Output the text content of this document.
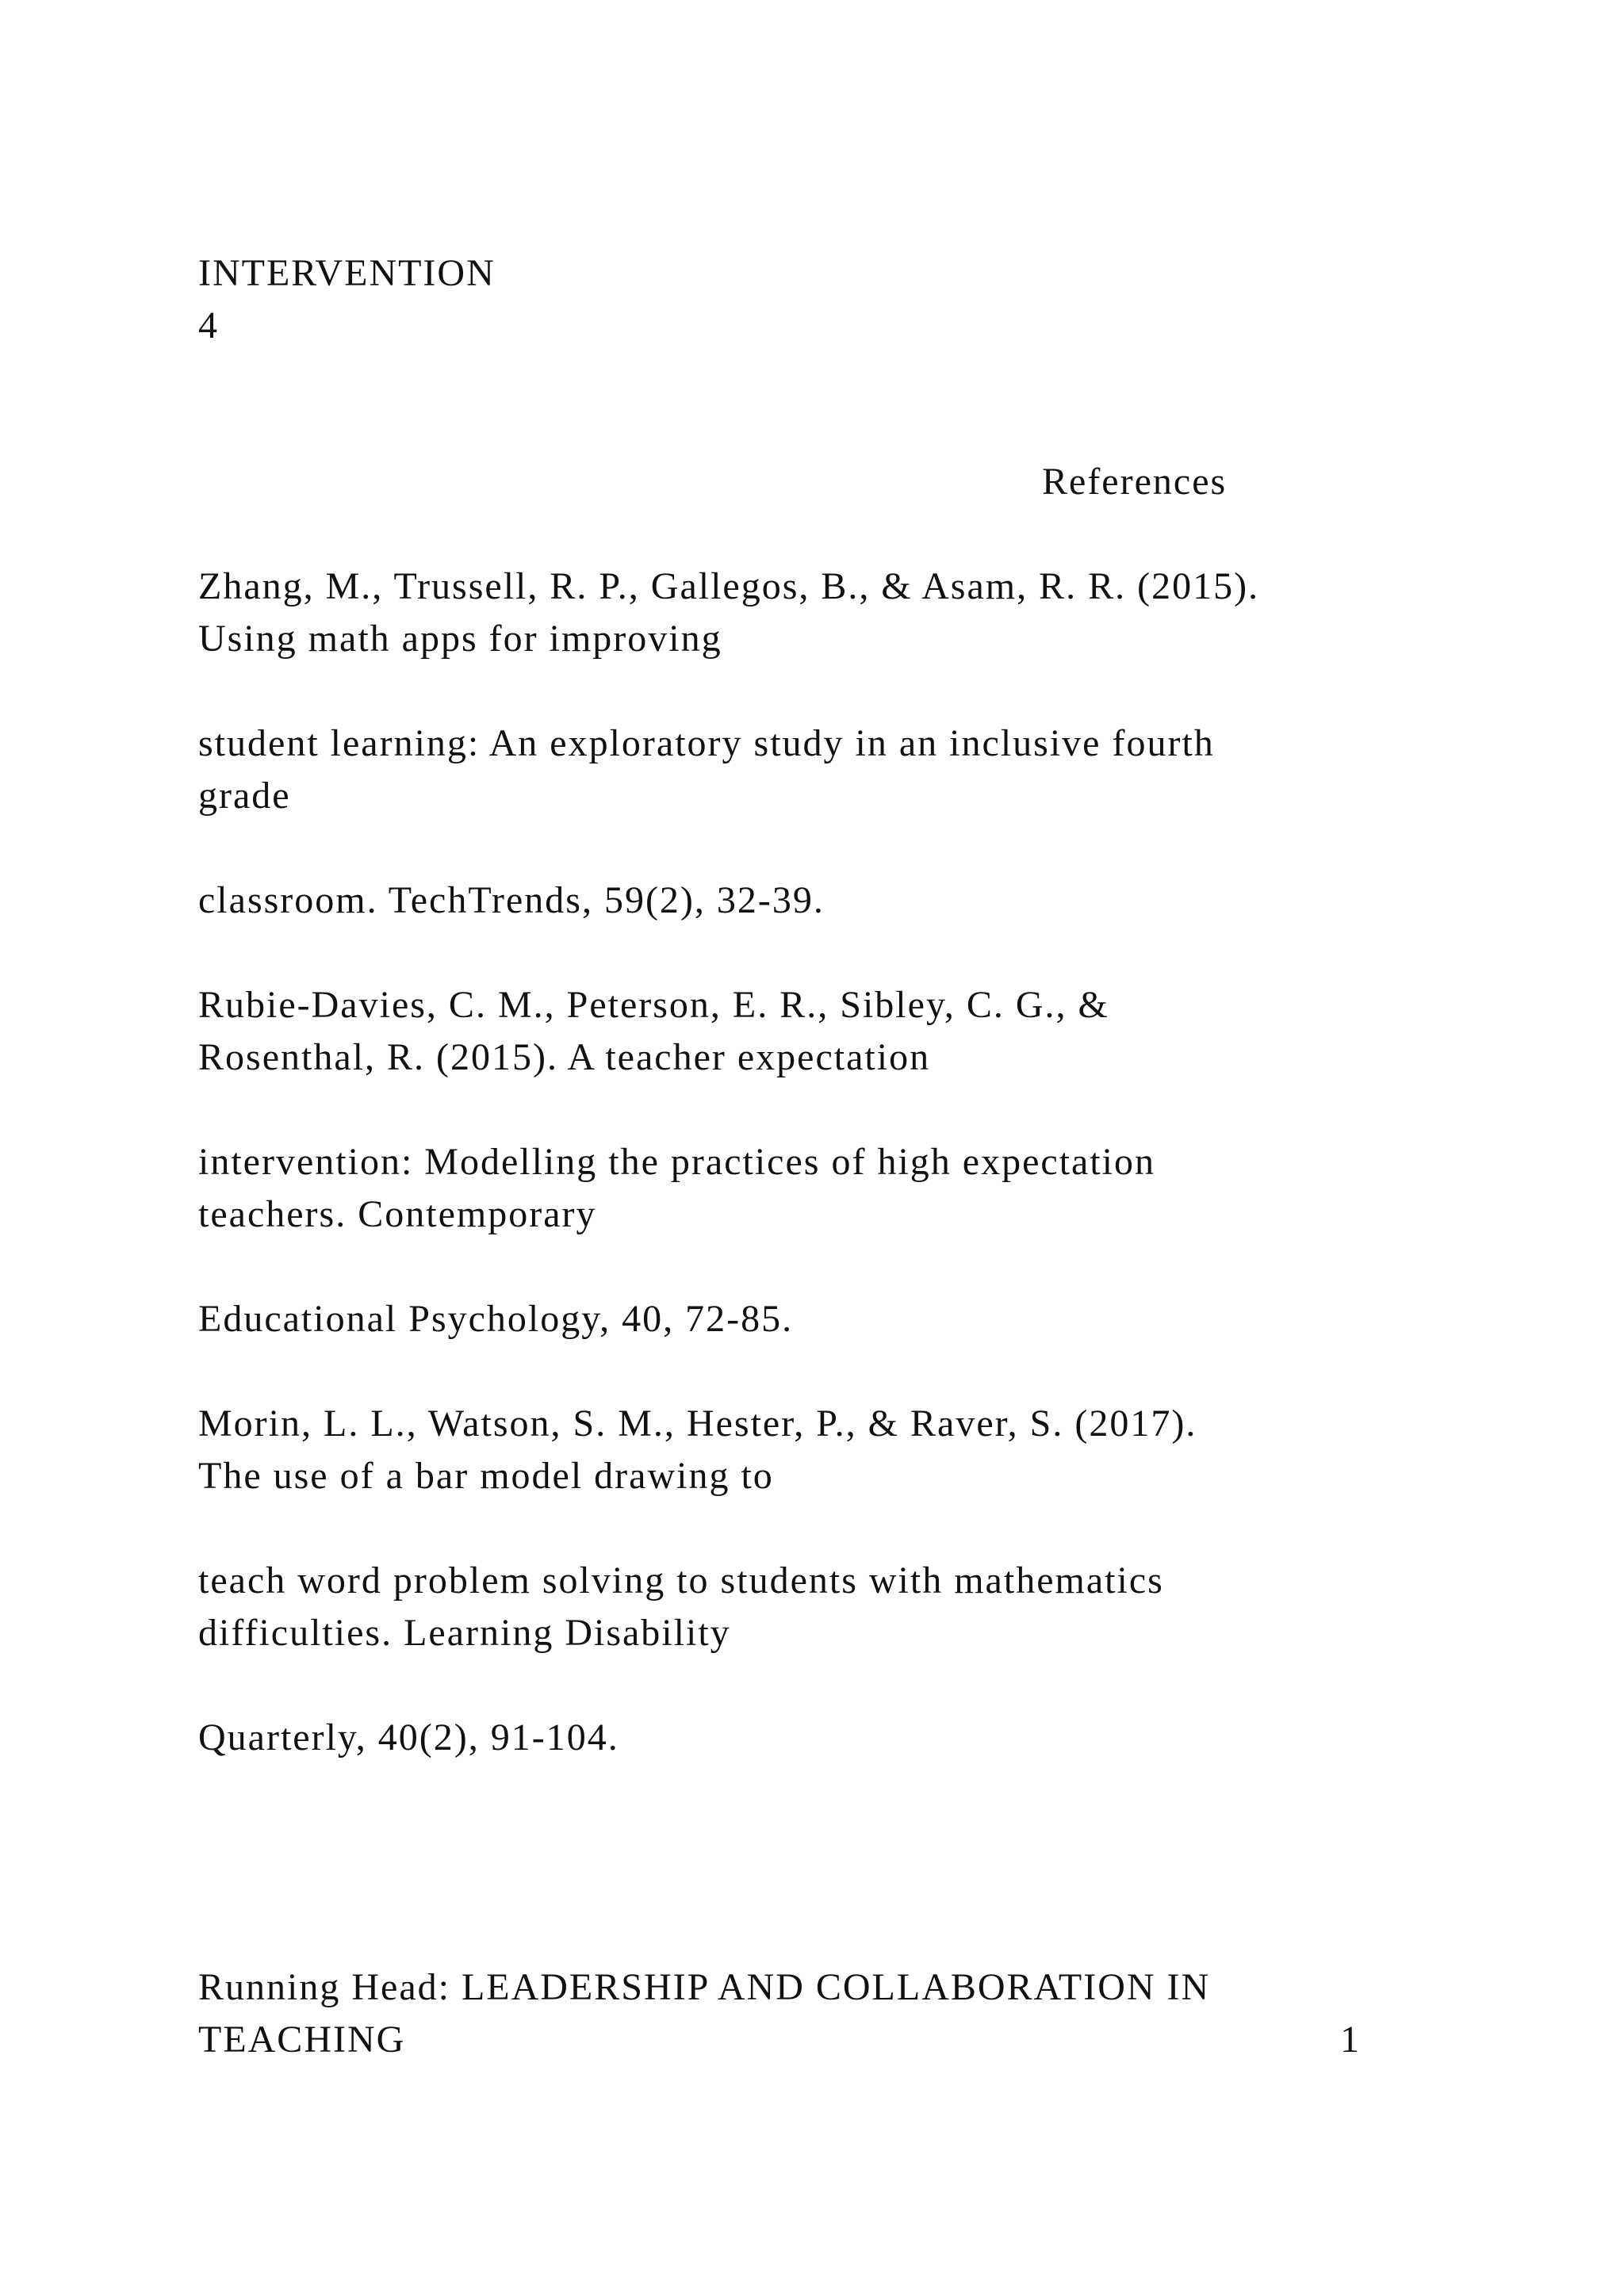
INTERVENTION

4

References

Zhang, M., Trussell, R. P., Gallegos, B., & Asam, R. R. (2015).

Using math apps for improving

student learning: An exploratory study in an inclusive fourth

grade

classroom. TechTrends, 59(2), 32-39.

Rubie-Davies, C. M., Peterson, E. R., Sibley, C. G., &

Rosenthal, R. (2015). A teacher expectation

intervention: Modelling the practices of high expectation

teachers. Contemporary

Educational Psychology, 40, 72-85.

Morin, L. L., Watson, S. M., Hester, P., & Raver, S. (2017).

The use of a bar model drawing to

teach word problem solving to students with mathematics

difficulties. Learning Disability

Quarterly, 40(2), 91-104.

Running Head: LEADERSHIP AND COLLABORATION IN

TEACHING	1
